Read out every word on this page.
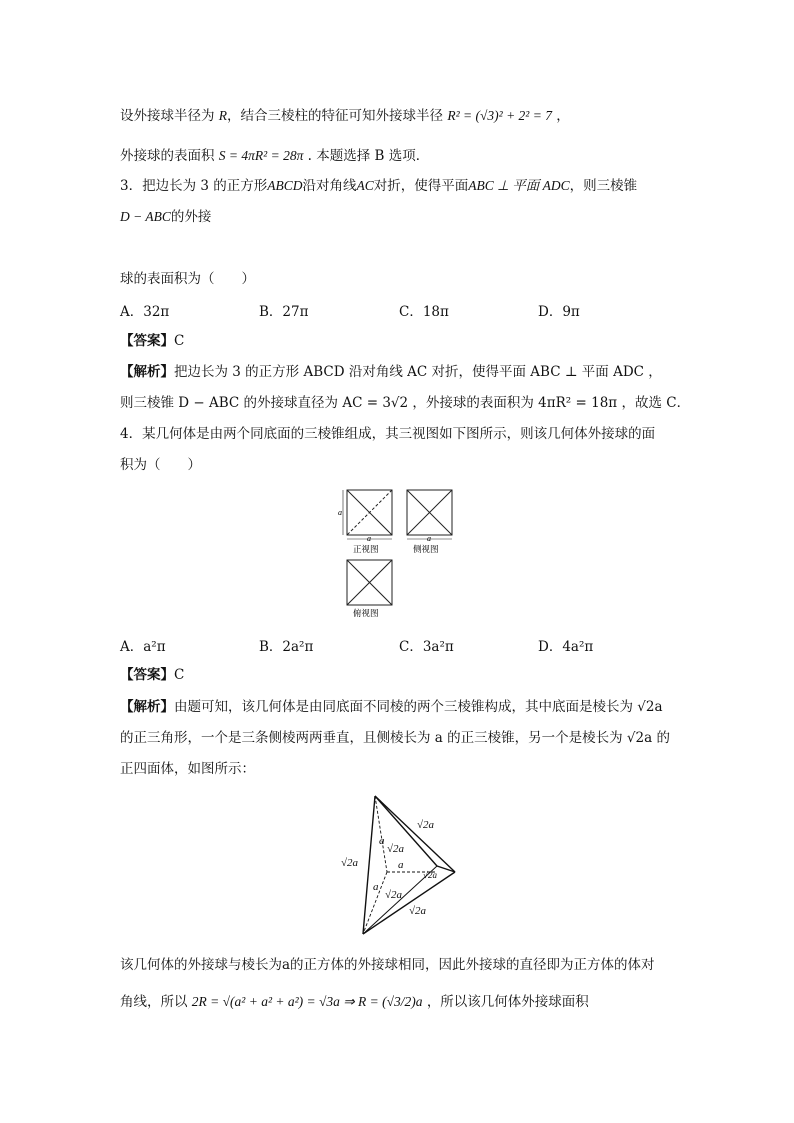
设外接球半径为 R，结合三棱柱的特征可知外接球半径 R² = (√3)² + 2² = 7 ，
外接球的表面积 S = 4πR² = 28π . 本题选择 B 选项．
3．把边长为 3 的正方形ABCD沿对角线AC对折，使得平面ABC ⊥ 平面 ADC，则三棱锥
D − ABC的外接
球的表面积为（　　）
A．32π	B．27π	C．18π	D．9π
【答案】C
【解析】把边长为 3 的正方形 ABCD 沿对角线 AC 对折，使得平面 ABC ⊥ 平面 ADC ，
则三棱锥 D − ABC 的外接球直径为 AC = 3√2 ，外接球的表面积为 4πR² = 18π ，故选 C．
4．某几何体是由两个同底面的三棱锥组成，其三视图如下图所示，则该几何体外接球的面
积为（　　）
a
a	a
正视图	侧视图
俯视图
A．a²π	B．2a²π	C．3a²π	D．4a²π
【答案】C
【解析】由题可知，该几何体是由同底面不同棱的两个三棱锥构成，其中底面是棱长为 √2a
的正三角形，一个是三条侧棱两两垂直，且侧棱长为 a 的正三棱锥，另一个是棱长为 √2a 的
正四面体，如图所示：
√2a
a
√2a
√2a
a
√2a
a
√2a
√2a
该几何体的外接球与棱长为a的正方体的外接球相同，因此外接球的直径即为正方体的体对
角线，所以 2R = √(a² + a² + a²) = √3a ⇒ R = (√3/2)a ，所以该几何体外接球面积
